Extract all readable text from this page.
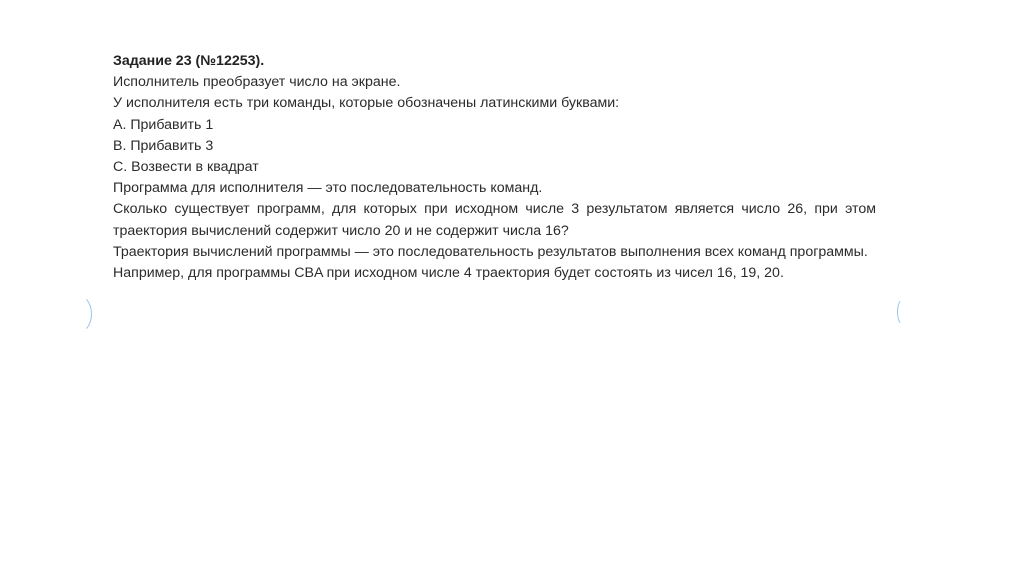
Задание 23 (№12253).

Исполнитель преобразует число на экране.

У исполнителя есть три команды, которые обозначены латинскими буквами:

A. Прибавить 1

B. Прибавить 3

C. Возвести в квадрат

Программа для исполнителя — это последовательность команд.

Сколько существует программ, для которых при исходном числе 3 результатом является число 26, при этом траектория вычислений содержит число 20 и не содержит числа 16?

Траектория вычислений программы — это последовательность результатов выполнения всех команд программы.

Например, для программы CBA при исходном числе 4 траектория будет состоять из чисел 16, 19, 20.
